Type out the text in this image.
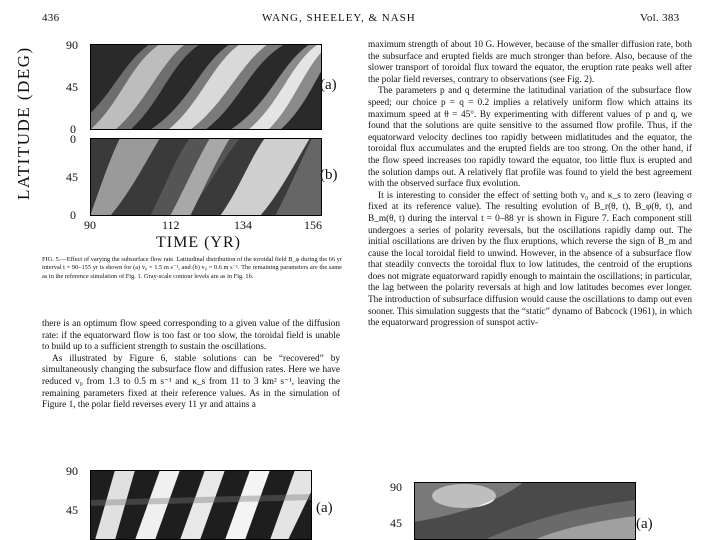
436	WANG, SHEELEY, & NASH	Vol. 383
LATITUDE (DEG)
90
45
0
(a)
0
45
0
(b)
90	112	134	156
TIME (YR)
FIG. 5.—Effect of varying the subsurface flow rate. Latitudinal distribution of the toroidal field B_φ during the 66 yr interval t = 90–155 yr is shown for (a) v₀ = 1.5 m s⁻¹, and (b) v₀ = 0.6 m s⁻¹. The remaining parameters are the same as in the reference simulation of Fig. 1. Gray-scale contour levels are as in Fig. 1b.

maximum strength of about 10 G. However, because of the smaller diffusion rate, both the subsurface and erupted fields are much stronger than before. Also, because of the slower transport of toroidal flux toward the equator, the eruption rate peaks well after the polar field reverses, contrary to observations (see Fig. 2).

The parameters p and q determine the latitudinal variation of the subsurface flow speed; our choice p = q = 0.2 implies a relatively uniform flow which attains its maximum speed at θ = 45°. By experimenting with different values of p and q, we found that the solutions are quite sensitive to the assumed flow profile. Thus, if the equatorward velocity declines too rapidly between midlatitudes and the equator, the toroidal flux accumulates and the erupted fields are too strong. On the other hand, if the flow speed increases too rapidly toward the equator, too little flux is erupted and the solution damps out. A relatively flat profile was found to yield the best agreement with the observed surface flux evolution.

It is interesting to consider the effect of setting both v₀ and κ_s to zero (leaving σ fixed at its reference value). The resulting evolution of B_r(θ, t), B_φ(θ, t), and B_m(θ, t) during the interval t = 0–88 yr is shown in Figure 7. Each component still undergoes a series of polarity reversals, but the oscillations rapidly damp out. The initial oscillations are driven by the flux eruptions, which reverse the sign of B_m and cause the local toroidal field to unwind. However, in the absence of a subsurface flow that steadily convects the toroidal flux to low latitudes, the centroid of the eruptions does not migrate equatorward rapidly enough to maintain the oscillations; in particular, the lag between the polarity reversals at high and low latitudes becomes ever longer. The introduction of subsurface diffusion would cause the oscillations to damp out even sooner. This simulation suggests that the “static” dynamo of Babcock (1961), in which the equatorward progression of sunspot activ-

there is an optimum flow speed corresponding to a given value of the diffusion rate: if the equatorward flow is too fast or too slow, the toroidal field is unable to build up to a sufficient strength to sustain the oscillations.

As illustrated by Figure 6, stable solutions can be “recovered” by simultaneously changing the subsurface flow and diffusion rates. Here we have reduced v₀ from 1.3 to 0.5 m s⁻¹ and κ_s from 11 to 3 km² s⁻¹, leaving the remaining parameters fixed at their reference values. As in the simulation of Figure 1, the polar field reverses every 11 yr and attains a

90
45	(a)
90
45	(a)
